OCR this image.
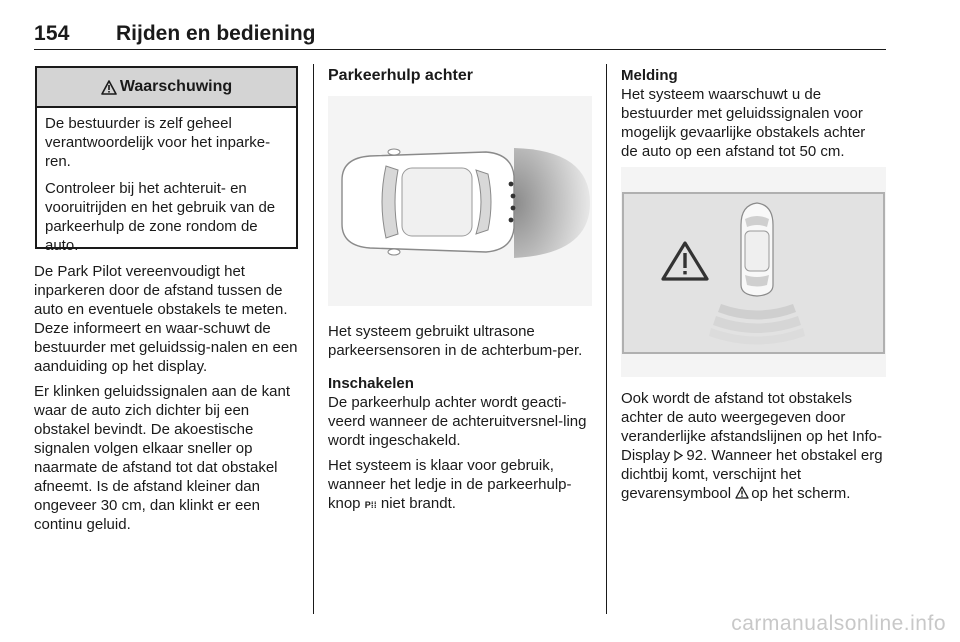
154 Rijden en bediening
Waarschuwing

De bestuurder is zelf geheel verantwoordelijk voor het inparke-ren.

Controleer bij het achteruit- en vooruitrijden en het gebruik van de parkeerhulp de zone rondom de auto.

De Park Pilot vereenvoudigt het inparkeren door de afstand tussen de auto en eventuele obstakels te meten. Deze informeert en waar-schuwt de bestuurder met geluidssig-nalen en een aanduiding op het display.

Er klinken geluidssignalen aan de kant waar de auto zich dichter bij een obstakel bevindt. De akoestische signalen volgen elkaar sneller op naarmate de afstand tot dat obstakel afneemt. Is de afstand kleiner dan ongeveer 30 cm, dan klinkt er een continu geluid.

Parkeerhulp achter

Het systeem gebruikt ultrasone parkeersensoren in de achterbum-per.

Inschakelen

De parkeerhulp achter wordt geacti-veerd wanneer de achteruitversnel-ling wordt ingeschakeld.

Het systeem is klaar voor gebruik, wanneer het ledje in de parkeerhulp-knop P⁞⁞ niet brandt.

Melding

Het systeem waarschuwt u de bestuurder met geluidssignalen voor mogelijk gevaarlijke obstakels achter de auto op een afstand tot 50 cm.

Ook wordt de afstand tot obstakels achter de auto weergegeven door veranderlijke afstandslijnen op het Info-Display 92. Wanneer het obstakel erg dichtbij komt, verschijnt het gevarensymbool op het scherm.

carmanualsonline.info
